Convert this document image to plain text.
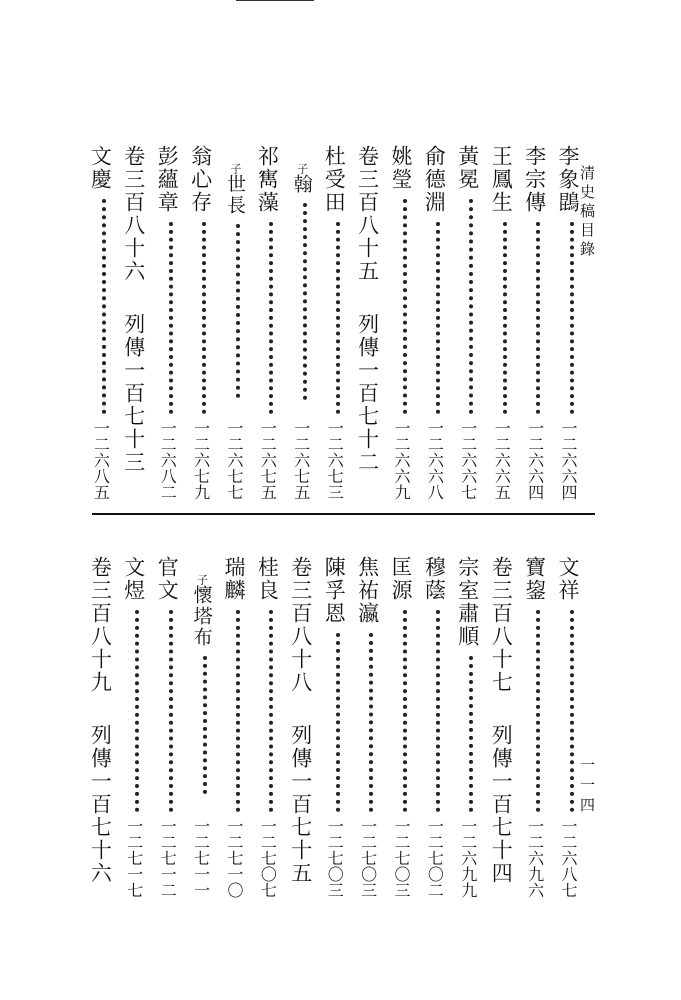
清史稿目錄
一一四
李象鵾
一二六六四
李宗傳
一二六六四
王鳳生
一二六六五
黃冕
一二六六七
俞德淵
一二六六八
姚瑩
一二六六九
卷三百八十五列傳一百七十二
杜受田
一二六七三
子翰
一二六七五
祁寯藻
一二六七五
子世長
一二六七七
翁心存
一二六七九
彭蘊章
一二六八二
卷三百八十六列傳一百七十三
文慶
一二六八五
文祥
一二六八七
寶鋆
一二六九六
卷三百八十七列傳一百七十四
宗室肅順
一二六九九
穆蔭
一二七〇二
匡源
一二七〇三
焦祐瀛
一二七〇三
陳孚恩
一二七〇三
卷三百八十八列傳一百七十五
桂良
一二七〇七
瑞麟
一二七一〇
子懷塔布
一二七一一
官文
一二七一二
文煜
一二七一七
卷三百八十九列傳一百七十六
